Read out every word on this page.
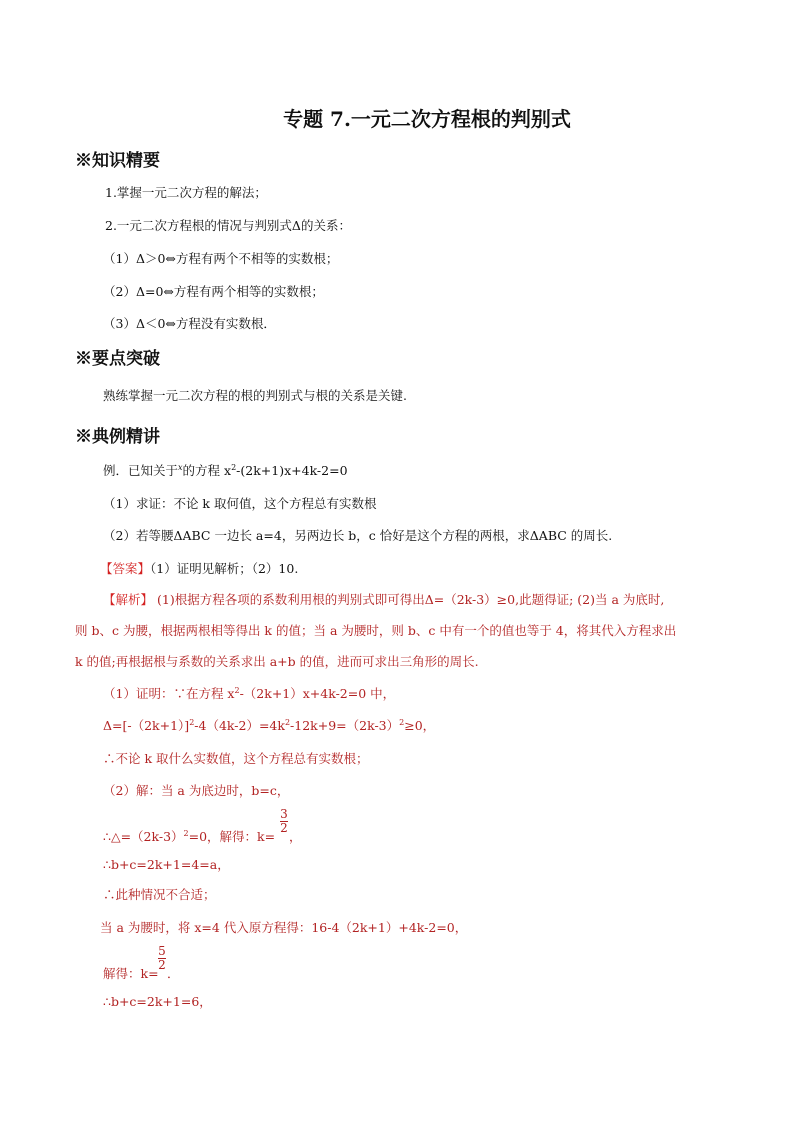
专题 7.一元二次方程根的判别式
※知识精要
1.掌握一元二次方程的解法；
2.一元二次方程根的情况与判别式Δ的关系：
（1）Δ＞0⇔方程有两个不相等的实数根；
（2）Δ=0⇔方程有两个相等的实数根；
（3）Δ＜0⇔方程没有实数根．
※要点突破
熟练掌握一元二次方程的根的判别式与根的关系是关键.
※典例精讲
例．已知关于$^x$的方程 $x^2-(2k+1)x+4k-2=0$
（1）求证：不论 k 取何值，这个方程总有实数根
（2）若等腰ΔABC 一边长 a=4，另两边长 b，c 恰好是这个方程的两根，求ΔABC 的周长.
【答案】（1）证明见解析；（2）10.
【解析】 (1)根据方程各项的系数利用根的判别式即可得出Δ=（2k-3）≥0,此题得证; (2)当 a 为底时,
则 b、c 为腰，根据两根相等得出 k 的值；当 a 为腰时，则 b、c 中有一个的值也等于 4，将其代入方程求出
k 的值;再根据根与系数的关系求出 a+b 的值，进而可求出三角形的周长.
（1）证明：∵在方程 $x^2-(2k+1)x+4k-2=0$ 中，
$\Delta=[-(2k+1)]^2-4(4k-2)=4k^2-12k+9=(2k-3)^2\ge 0$，
∴不论 k 取什么实数值，这个方程总有实数根；
（2）解：当 a 为底边时，b=c，
$\therefore\triangle=(2k-3)^2=0$，解得：k=
3
2
，
∴b+c=2k+1=4=a，
∴此种情况不合适；
当 a 为腰时，将 x=4 代入原方程得：16-4（2k+1）+4k-2=0，
解得：k=
5
2
．
∴b+c=2k+1=6，
